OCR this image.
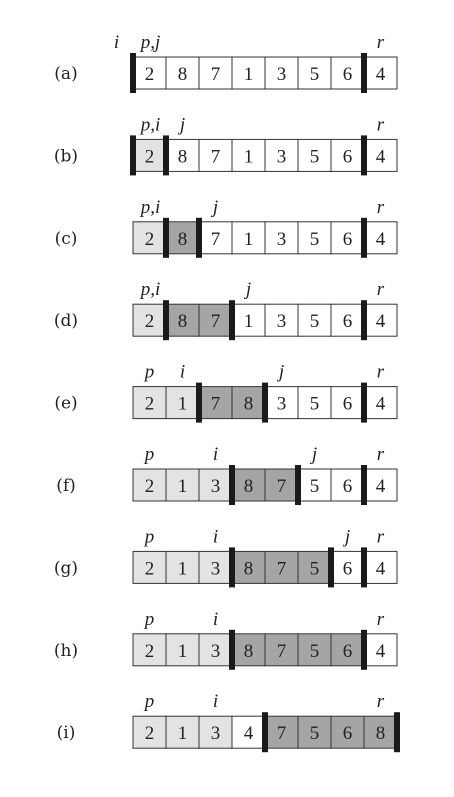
(a)	2 8 7 1 3 5 6 4
i p,j	r
(b)	2 8 7 1 3 5 6 4
p,i j	r
(c)	2 8 7 1 3 5 6 4
p,i	j	r
(d)	2 8 7 1 3 5 6 4
p,i	j	r
(e)	2 1 7 8 3 5 6 4
p i	j	r
(f)	2 1 3 8 7 5 6 4
p	i	j	r
(g)	2 1 3 8 7 5 6 4
p	i	j r
(h)	2 1 3 8 7 5 6 4
p	i	r
(i)	2 1 3 4 7 5 6 8
p	i	r
